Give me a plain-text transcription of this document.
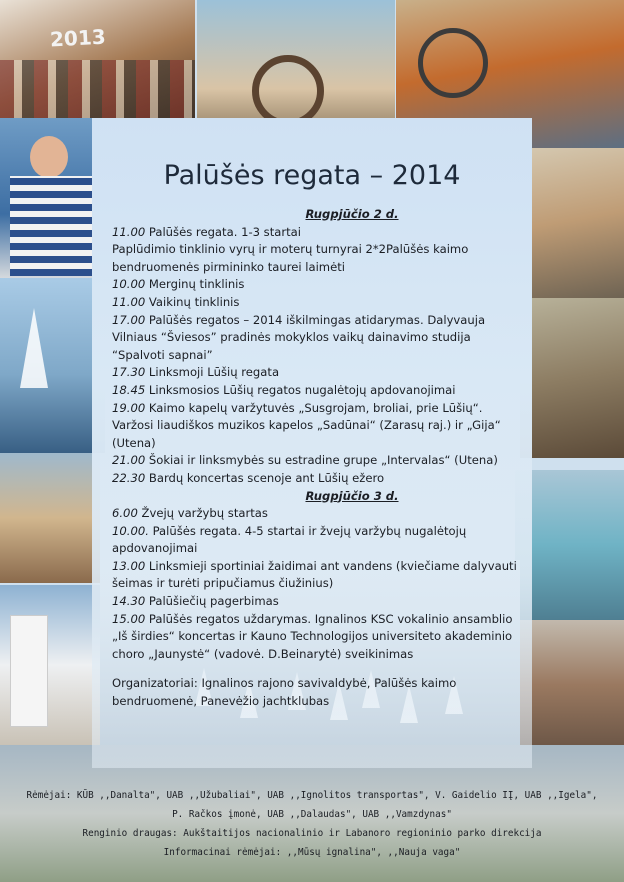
2013
Palūšės regata – 2014
Rugpjūčio 2 d.
11.00 Palūšės regata. 1-3 startai
Paplūdimio tinklinio vyrų ir moterų turnyrai 2*2Palūšės kaimo bendruomenės pirmininko taurei laimėti
10.00 Merginų tinklinis
11.00 Vaikinų tinklinis
17.00 Palūšės regatos – 2014 iškilmingas atidarymas. Dalyvauja Vilniaus “Šviesos” pradinės mokyklos vaikų dainavimo studija “Spalvoti sapnai”
17.30 Linksmoji Lūšių regata
18.45 Linksmosios Lūšių regatos nugalėtojų apdovanojimai
19.00 Kaimo kapelų varžytuvės „Susgrojam, broliai, prie Lūšių“. Varžosi liaudiškos muzikos kapelos „Sadūnai“ (Zarasų raj.) ir „Gija“ (Utena)
21.00 Šokiai ir linksmybės su estradine grupe „Intervalas“ (Utena)
22.30 Bardų koncertas scenoje ant Lūšių ežero
Rugpjūčio 3 d.
6.00 Žvejų varžybų startas
10.00. Palūšės regata. 4-5 startai ir žvejų varžybų nugalėtojų apdovanojimai
13.00 Linksmieji sportiniai žaidimai ant vandens (kviečiame dalyvauti šeimas ir turėti pripučiamus čiužinius)
14.30 Palūšiečių pagerbimas
15.00 Palūšės regatos uždarymas. Ignalinos KSC vokalinio ansamblio „Iš širdies“ koncertas ir Kauno Technologijos universiteto akademinio choro „Jaunystė“ (vadovė. D.Beinarytė) sveikinimas
Organizatoriai: Ignalinos rajono savivaldybė, Palūšės kaimo bendruomenė, Panevėžio jachtklubas
Rėmėjai: KŪB ,,Danalta", UAB ,,Užubaliai", UAB ,,Ignolitos transportas", V. Gaidelio IĮ, UAB ,,Igela",
P. Račkos įmonė, UAB ,,Dalaudas", UAB ,,Vamzdynas"
Renginio draugas: Aukštaitijos nacionalinio ir Labanoro regioninio parko direkcija
Informacinai rėmėjai: ,,Mūsų ignalina", ,,Nauja vaga"
